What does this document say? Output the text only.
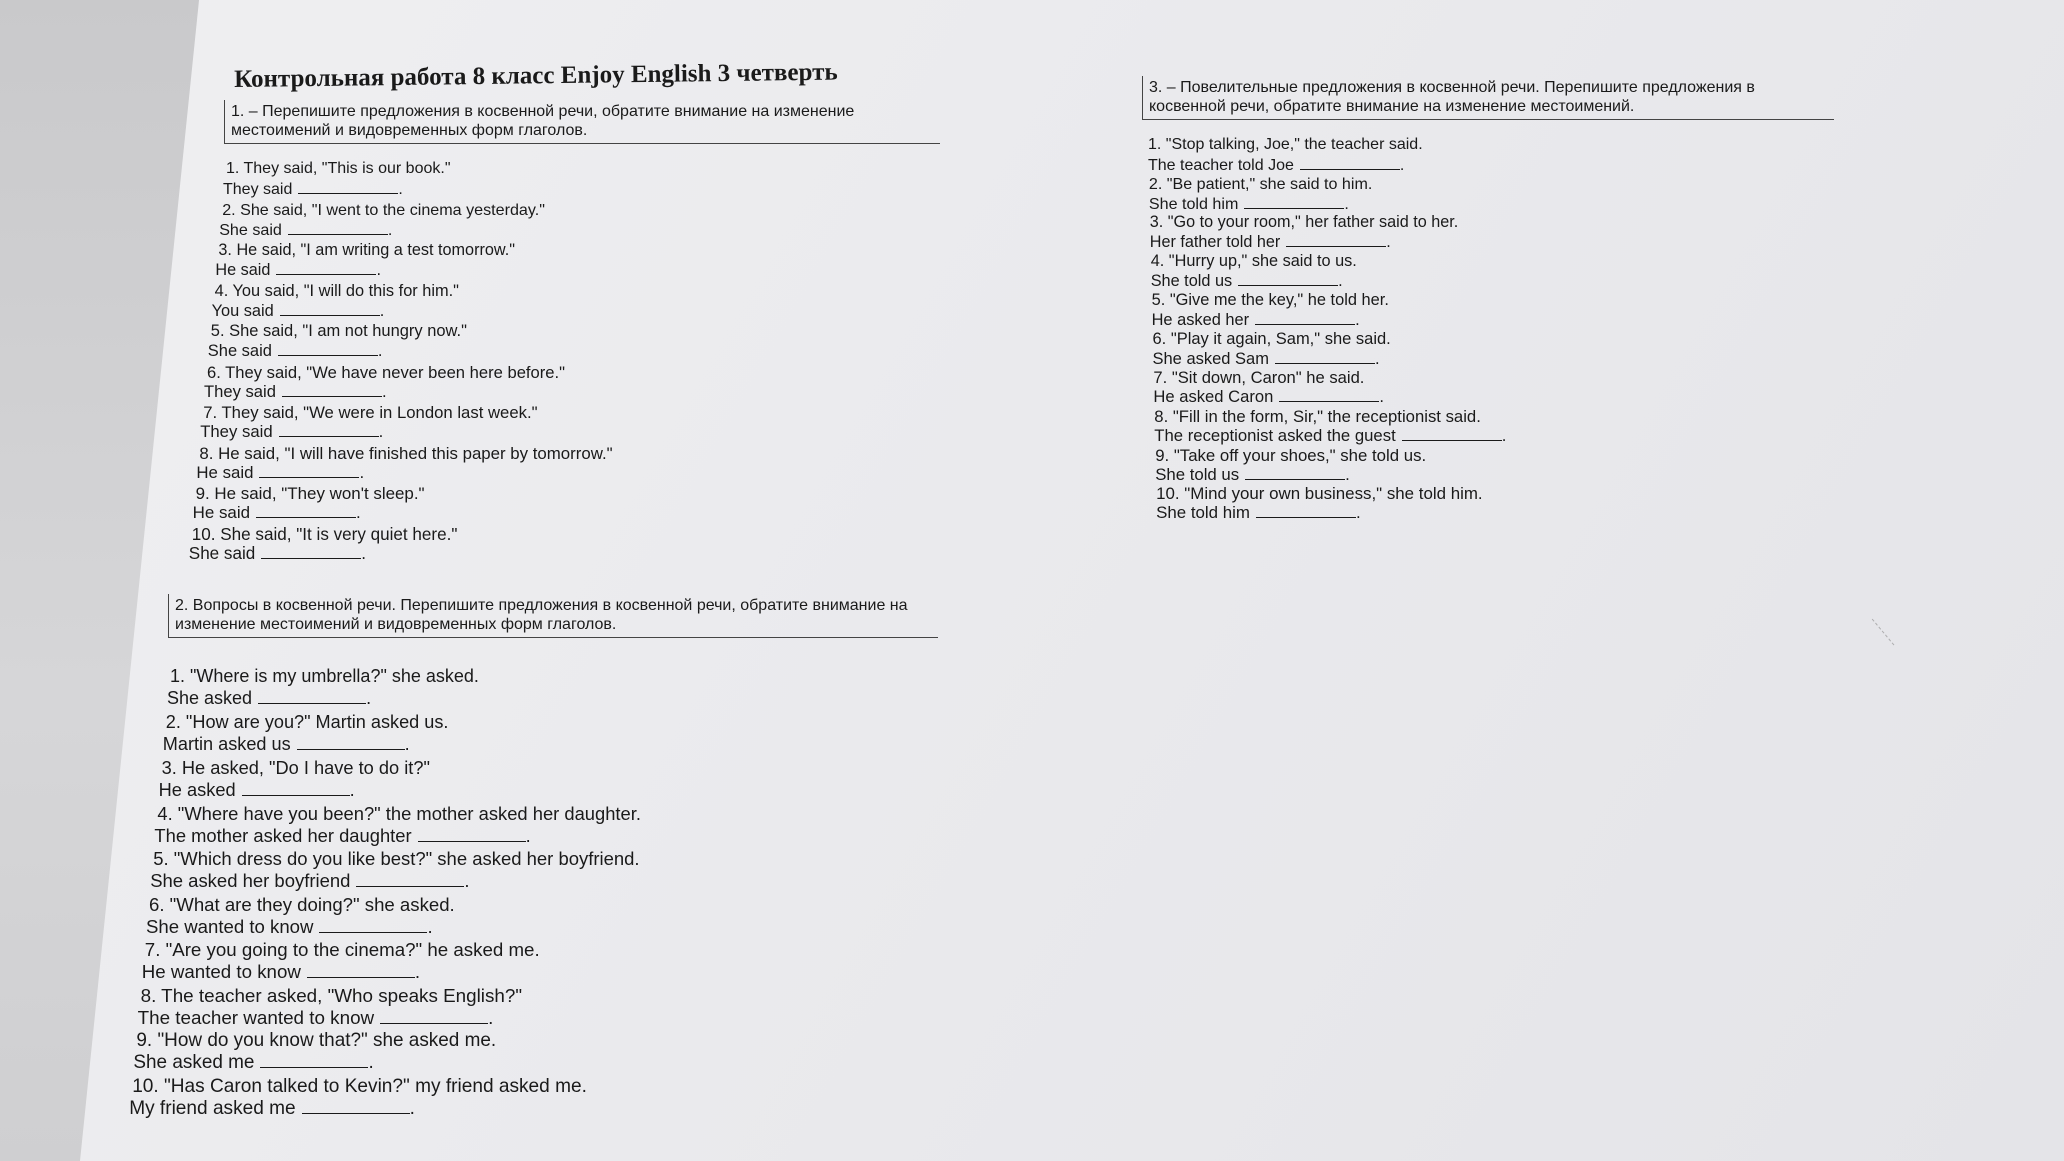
Контрольная работа 8 класс Enjoy English 3 четверть
1. – Перепишите предложения в косвенной речи, обратите внимание на изменение местоимений и видовременных форм глаголов.
1. They said, "This is our book."
They said	.
2. She said, "I went to the cinema yesterday."
She said	.
3. He said, "I am writing a test tomorrow."
He said	.
4. You said, "I will do this for him."
You said	.
5. She said, "I am not hungry now."
She said	.
6. They said, "We have never been here before."
They said	.
7. They said, "We were in London last week."
They said	.
8. He said, "I will have finished this paper by tomorrow."
He said	.
9. He said, "They won't sleep."
He said	.
10. She said, "It is very quiet here."
She said	.
2. Вопросы в косвенной речи. Перепишите предложения в косвенной речи, обратите внимание на изменение местоимений и видовременных форм глаголов.
1. "Where is my umbrella?" she asked.
She asked	.
2. "How are you?" Martin asked us.
Martin asked us	.
3. He asked, "Do I have to do it?"
He asked	.
4. "Where have you been?" the mother asked her daughter.
The mother asked her daughter	.
5. "Which dress do you like best?" she asked her boyfriend.
She asked her boyfriend	.
6. "What are they doing?" she asked.
She wanted to know	.
7. "Are you going to the cinema?" he asked me.
He wanted to know	.
8. The teacher asked, "Who speaks English?"
The teacher wanted to know	.
9. "How do you know that?" she asked me.
She asked me	.
10. "Has Caron talked to Kevin?" my friend asked me.
My friend asked me	.
3. – Повелительные предложения в косвенной речи. Перепишите предложения в косвенной речи, обратите внимание на изменение местоимений.
1. "Stop talking, Joe," the teacher said.
The teacher told Joe	.
2. "Be patient," she said to him.
She told him	.
3. "Go to your room," her father said to her.
Her father told her	.
4. "Hurry up," she said to us.
She told us	.
5. "Give me the key," he told her.
He asked her	.
6. "Play it again, Sam," she said.
She asked Sam	.
7. "Sit down, Caron" he said.
He asked Caron	.
8. "Fill in the form, Sir," the receptionist said.
The receptionist asked the guest	.
9. "Take off your shoes," she told us.
She told us	.
10. "Mind your own business," she told him.
She told him	.
